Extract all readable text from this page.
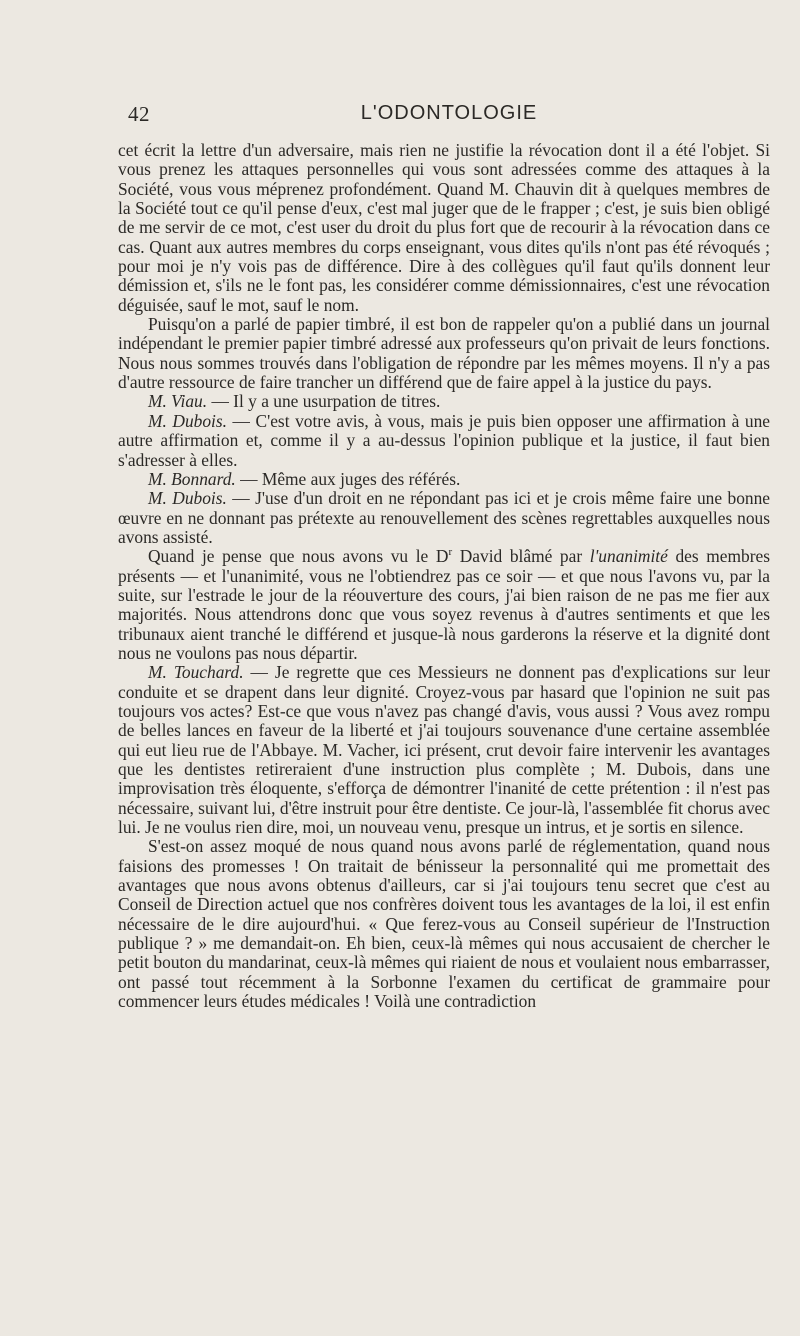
42	L'ODONTOLOGIE

cet écrit la lettre d'un adversaire, mais rien ne justifie la révocation dont il a été l'objet. Si vous prenez les attaques personnelles qui vous sont adressées comme des attaques à la Société, vous vous méprenez profondément. Quand M. Chauvin dit à quelques membres de la Société tout ce qu'il pense d'eux, c'est mal juger que de le frapper ; c'est, je suis bien obligé de me servir de ce mot, c'est user du droit du plus fort que de recourir à la révocation dans ce cas. Quant aux autres membres du corps enseignant, vous dites qu'ils n'ont pas été révoqués ; pour moi je n'y vois pas de différence. Dire à des collègues qu'il faut qu'ils donnent leur démission et, s'ils ne le font pas, les considérer comme démissionnaires, c'est une révocation déguisée, sauf le mot, sauf le nom.

Puisqu'on a parlé de papier timbré, il est bon de rappeler qu'on a publié dans un journal indépendant le premier papier timbré adressé aux professeurs qu'on privait de leurs fonctions. Nous nous sommes trouvés dans l'obligation de répondre par les mêmes moyens. Il n'y a pas d'autre ressource de faire trancher un différend que de faire appel à la justice du pays.

M. Viau. — Il y a une usurpation de titres.

M. Dubois. — C'est votre avis, à vous, mais je puis bien opposer une affirmation à une autre affirmation et, comme il y a au-dessus l'opinion publique et la justice, il faut bien s'adresser à elles.

M. Bonnard. — Même aux juges des référés.

M. Dubois. — J'use d'un droit en ne répondant pas ici et je crois même faire une bonne œuvre en ne donnant pas prétexte au renouvellement des scènes regrettables auxquelles nous avons assisté.

Quand je pense que nous avons vu le $D^r$ David blâmé par l'unanimité des membres présents — et l'unanimité, vous ne l'obtiendrez pas ce soir — et que nous l'avons vu, par la suite, sur l'estrade le jour de la réouverture des cours, j'ai bien raison de ne pas me fier aux majorités. Nous attendrons donc que vous soyez revenus à d'autres sentiments et que les tribunaux aient tranché le différend et jusque-là nous garderons la réserve et la dignité dont nous ne voulons pas nous départir.

M. Touchard. — Je regrette que ces Messieurs ne donnent pas d'explications sur leur conduite et se drapent dans leur dignité. Croyez-vous par hasard que l'opinion ne suit pas toujours vos actes? Est-ce que vous n'avez pas changé d'avis, vous aussi ? Vous avez rompu de belles lances en faveur de la liberté et j'ai toujours souvenance d'une certaine assemblée qui eut lieu rue de l'Abbaye. M. Vacher, ici présent, crut devoir faire intervenir les avantages que les dentistes retireraient d'une instruction plus complète ; M. Dubois, dans une improvisation très éloquente, s'efforça de démontrer l'inanité de cette prétention : il n'est pas nécessaire, suivant lui, d'être instruit pour être dentiste. Ce jour-là, l'assemblée fit chorus avec lui. Je ne voulus rien dire, moi, un nouveau venu, presque un intrus, et je sortis en silence.

S'est-on assez moqué de nous quand nous avons parlé de réglementation, quand nous faisions des promesses ! On traitait de bénisseur la personnalité qui me promettait des avantages que nous avons obtenus d'ailleurs, car si j'ai toujours tenu secret que c'est au Conseil de Direction actuel que nos confrères doivent tous les avantages de la loi, il est enfin nécessaire de le dire aujourd'hui. « Que ferez-vous au Conseil supérieur de l'Instruction publique ? » me demandait-on. Eh bien, ceux-là mêmes qui nous accusaient de chercher le petit bouton du mandarinat, ceux-là mêmes qui riaient de nous et voulaient nous embarrasser, ont passé tout récemment à la Sorbonne l'examen du certificat de grammaire pour commencer leurs études médicales ! Voilà une contradiction
